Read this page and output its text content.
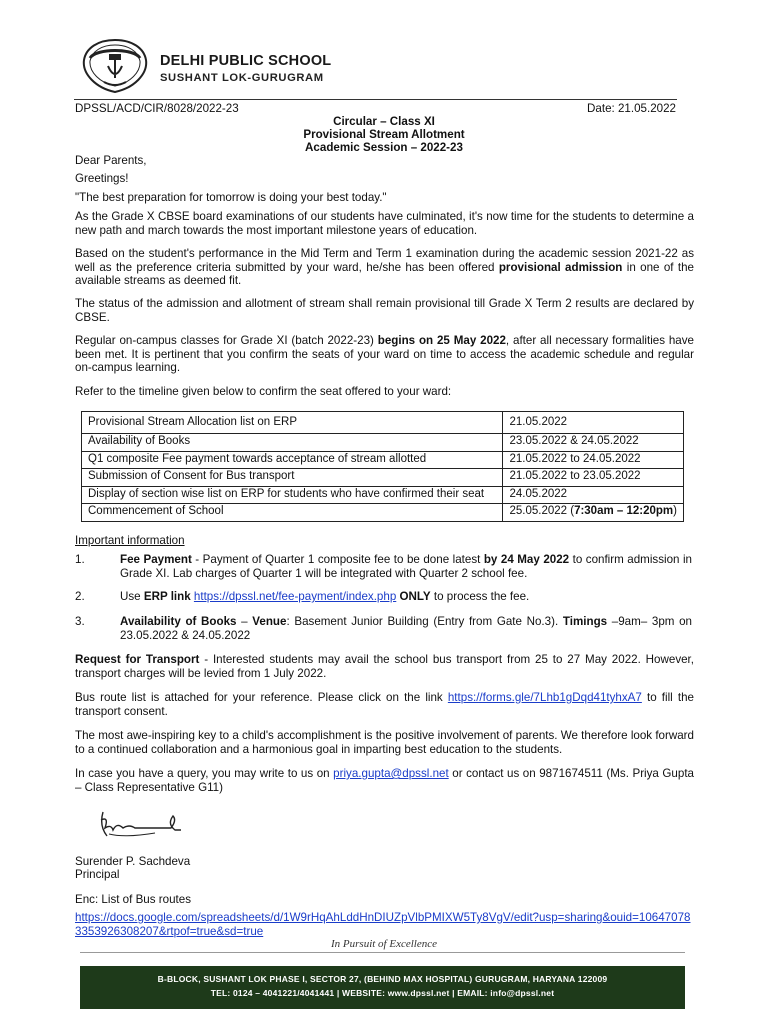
DELHI PUBLIC SCHOOL
SUSHANT LOK-GURUGRAM
DPSSL/ACD/CIR/8028/2022-23	Date: 21.05.2022
Circular – Class XI
Provisional Stream Allotment
Academic Session – 2022-23
Dear Parents,
Greetings!
"The best preparation for tomorrow is doing your best today."
As the Grade X CBSE board examinations of our students have culminated, it's now time for the students to determine a new path and march towards the most important milestone years of education.
Based on the student's performance in the Mid Term and Term 1 examination during the academic session 2021-22 as well as the preference criteria submitted by your ward, he/she has been offered provisional admission in one of the available streams as deemed fit.
The status of the admission and allotment of stream shall remain provisional till Grade X Term 2 results are declared by CBSE.
Regular on-campus classes for Grade XI (batch 2022-23) begins on 25 May 2022, after all necessary formalities have been met. It is pertinent that you confirm the seats of your ward on time to access the academic schedule and regular on-campus learning.
Refer to the timeline given below to confirm the seat offered to your ward:
Provisional Stream Allocation list on ERP	21.05.2022
Availability of Books	23.05.2022 & 24.05.2022
Q1 composite Fee payment towards acceptance of stream allotted	21.05.2022 to 24.05.2022
Submission of Consent for Bus transport	21.05.2022 to 23.05.2022
Display of section wise list on ERP for students who have confirmed their seat	24.05.2022
Commencement of School	25.05.2022 (7:30am – 12:20pm)
Important information
1.	Fee Payment - Payment of Quarter 1 composite fee to be done latest by 24 May 2022 to confirm admission in Grade XI. Lab charges of Quarter 1 will be integrated with Quarter 2 school fee.
2.	Use ERP link https://dpssl.net/fee-payment/index.php ONLY to process the fee.
3.	Availability of Books – Venue: Basement Junior Building (Entry from Gate No.3). Timings –9am– 3pm on 23.05.2022 & 24.05.2022
Request for Transport - Interested students may avail the school bus transport from 25 to 27 May 2022. However, transport charges will be levied from 1 July 2022.
Bus route list is attached for your reference. Please click on the link https://forms.gle/7Lhb1gDqd41tyhxA7 to fill the transport consent.
The most awe-inspiring key to a child's accomplishment is the positive involvement of parents. We therefore look forward to a continued collaboration and a harmonious goal in imparting best education to the students.
In case you have a query, you may write to us on priya.gupta@dpssl.net or contact us on 9871674511 (Ms. Priya Gupta – Class Representative G11)
Surender P. Sachdeva
Principal
Enc: List of Bus routes
https://docs.google.com/spreadsheets/d/1W9rHqAhLddHnDIUZpVlbPMIXW5Ty8VgV/edit?usp=sharing&ouid=106470783353926308207&rtpof=true&sd=true
In Pursuit of Excellence
B-BLOCK, SUSHANT LOK PHASE I, SECTOR 27, (BEHIND MAX HOSPITAL) GURUGRAM, HARYANA 122009
TEL: 0124 – 4041221/4041441 | WEBSITE: www.dpssl.net | EMAIL: info@dpssl.net
